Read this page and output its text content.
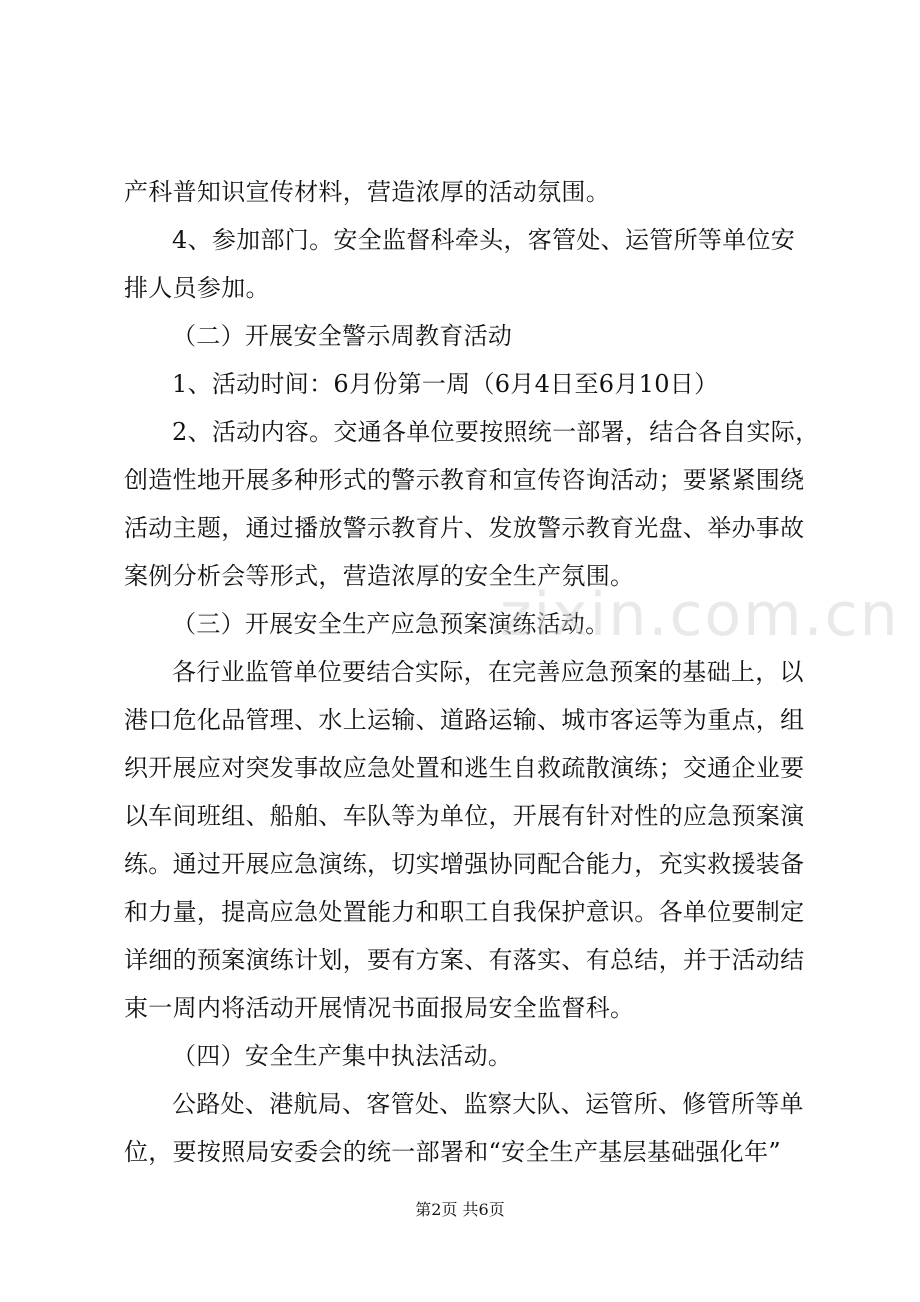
产科普知识宣传材料，营造浓厚的活动氛围。
4、参加部门。安全监督科牵头，客管处、运管所等单位安
排人员参加。
（二）开展安全警示周教育活动
1、活动时间：6月份第一周（6月4日至6月10日）
2、活动内容。交通各单位要按照统一部署，结合各自实际，
创造性地开展多种形式的警示教育和宣传咨询活动；要紧紧围绕
活动主题，通过播放警示教育片、发放警示教育光盘、举办事故
案例分析会等形式，营造浓厚的安全生产氛围。
（三）开展安全生产应急预案演练活动。
各行业监管单位要结合实际，在完善应急预案的基础上，以
港口危化品管理、水上运输、道路运输、城市客运等为重点，组
织开展应对突发事故应急处置和逃生自救疏散演练；交通企业要
以车间班组、船舶、车队等为单位，开展有针对性的应急预案演
练。通过开展应急演练，切实增强协同配合能力，充实救援装备
和力量，提高应急处置能力和职工自我保护意识。各单位要制定
详细的预案演练计划，要有方案、有落实、有总结，并于活动结
束一周内将活动开展情况书面报局安全监督科。
（四）安全生产集中执法活动。
公路处、港航局、客管处、监察大队、运管所、修管所等单
位，要按照局安委会的统一部署和“安全生产基层基础强化年”
zixin.com.cn
第2页 共6页
